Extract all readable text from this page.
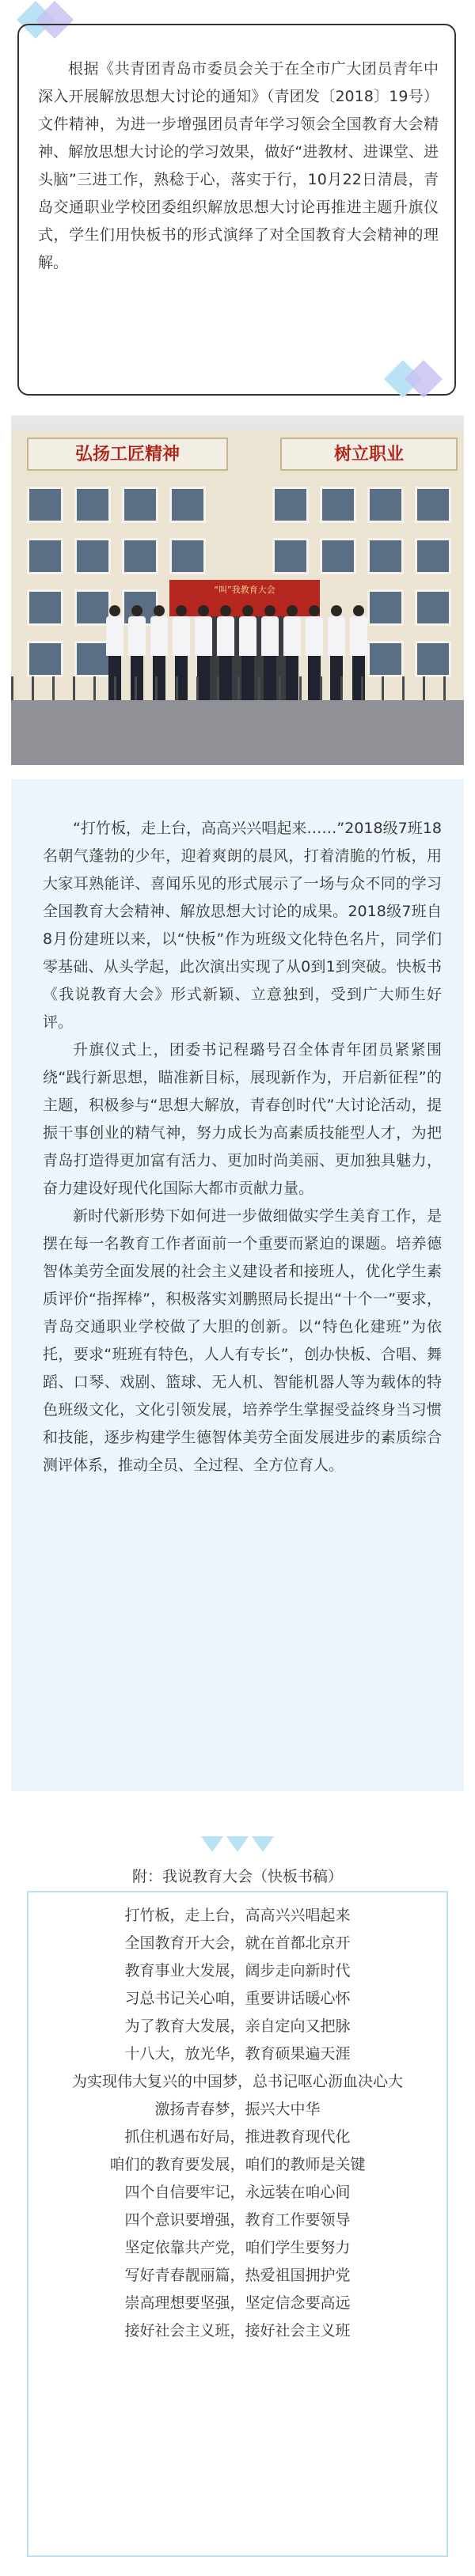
根据《共青团青岛市委员会关于在全市广大团员青年中深入开展解放思想大讨论的通知》（青团发〔2018〕19号）文件精神，为进一步增强团员青年学习领会全国教育大会精神、解放思想大讨论的学习效果，做好“进教材、进课堂、进头脑”三进工作，熟稔于心，落实于行，10月22日清晨，青岛交通职业学校团委组织解放思想大讨论再推进主题升旗仪式，学生们用快板书的形式演绎了对全国教育大会精神的理解。

弘扬工匠精神	树立职业
“叫”我教育大会

“打竹板，走上台，高高兴兴唱起来……”2018级7班18名朝气蓬勃的少年，迎着爽朗的晨风，打着清脆的竹板，用大家耳熟能详、喜闻乐见的形式展示了一场与众不同的学习全国教育大会精神、解放思想大讨论的成果。2018级7班自8月份建班以来，以“快板”作为班级文化特色名片，同学们零基础、从头学起，此次演出实现了从0到1到突破。快板书《我说教育大会》形式新颖、立意独到，受到广大师生好评。

升旗仪式上，团委书记程璐号召全体青年团员紧紧围绕“践行新思想，瞄准新目标，展现新作为，开启新征程”的主题，积极参与“思想大解放，青春创时代”大讨论活动，提振干事创业的精气神，努力成长为高素质技能型人才，为把青岛打造得更加富有活力、更加时尚美丽、更加独具魅力，奋力建设好现代化国际大都市贡献力量。

新时代新形势下如何进一步做细做实学生美育工作，是摆在每一名教育工作者面前一个重要而紧迫的课题。培养德智体美劳全面发展的社会主义建设者和接班人，优化学生素质评价“指挥棒”，积极落实刘鹏照局长提出“十个一”要求，青岛交通职业学校做了大胆的创新。以“特色化建班”为依托，要求“班班有特色，人人有专长”，创办快板、合唱、舞蹈、口琴、戏剧、篮球、无人机、智能机器人等为载体的特色班级文化，文化引领发展，培养学生掌握受益终身当习惯和技能，逐步构建学生德智体美劳全面发展进步的素质综合测评体系，推动全员、全过程、全方位育人。

附：我说教育大会（快板书稿）
打竹板，走上台，高高兴兴唱起来
全国教育开大会，就在首都北京开
教育事业大发展，阔步走向新时代
习总书记关心咱，重要讲话暖心怀
为了教育大发展，亲自定向又把脉
十八大，放光华，教育硕果遍天涯
为实现伟大复兴的中国梦，总书记呕心沥血决心大
激扬青春梦，振兴大中华
抓住机遇布好局，推进教育现代化
咱们的教育要发展，咱们的教师是关键
四个自信要牢记，永远装在咱心间
四个意识要增强，教育工作要领导
坚定依靠共产党，咱们学生要努力
写好青春靓丽篇，热爱祖国拥护党
崇高理想要坚强，坚定信念要高远
接好社会主义班，接好社会主义班
